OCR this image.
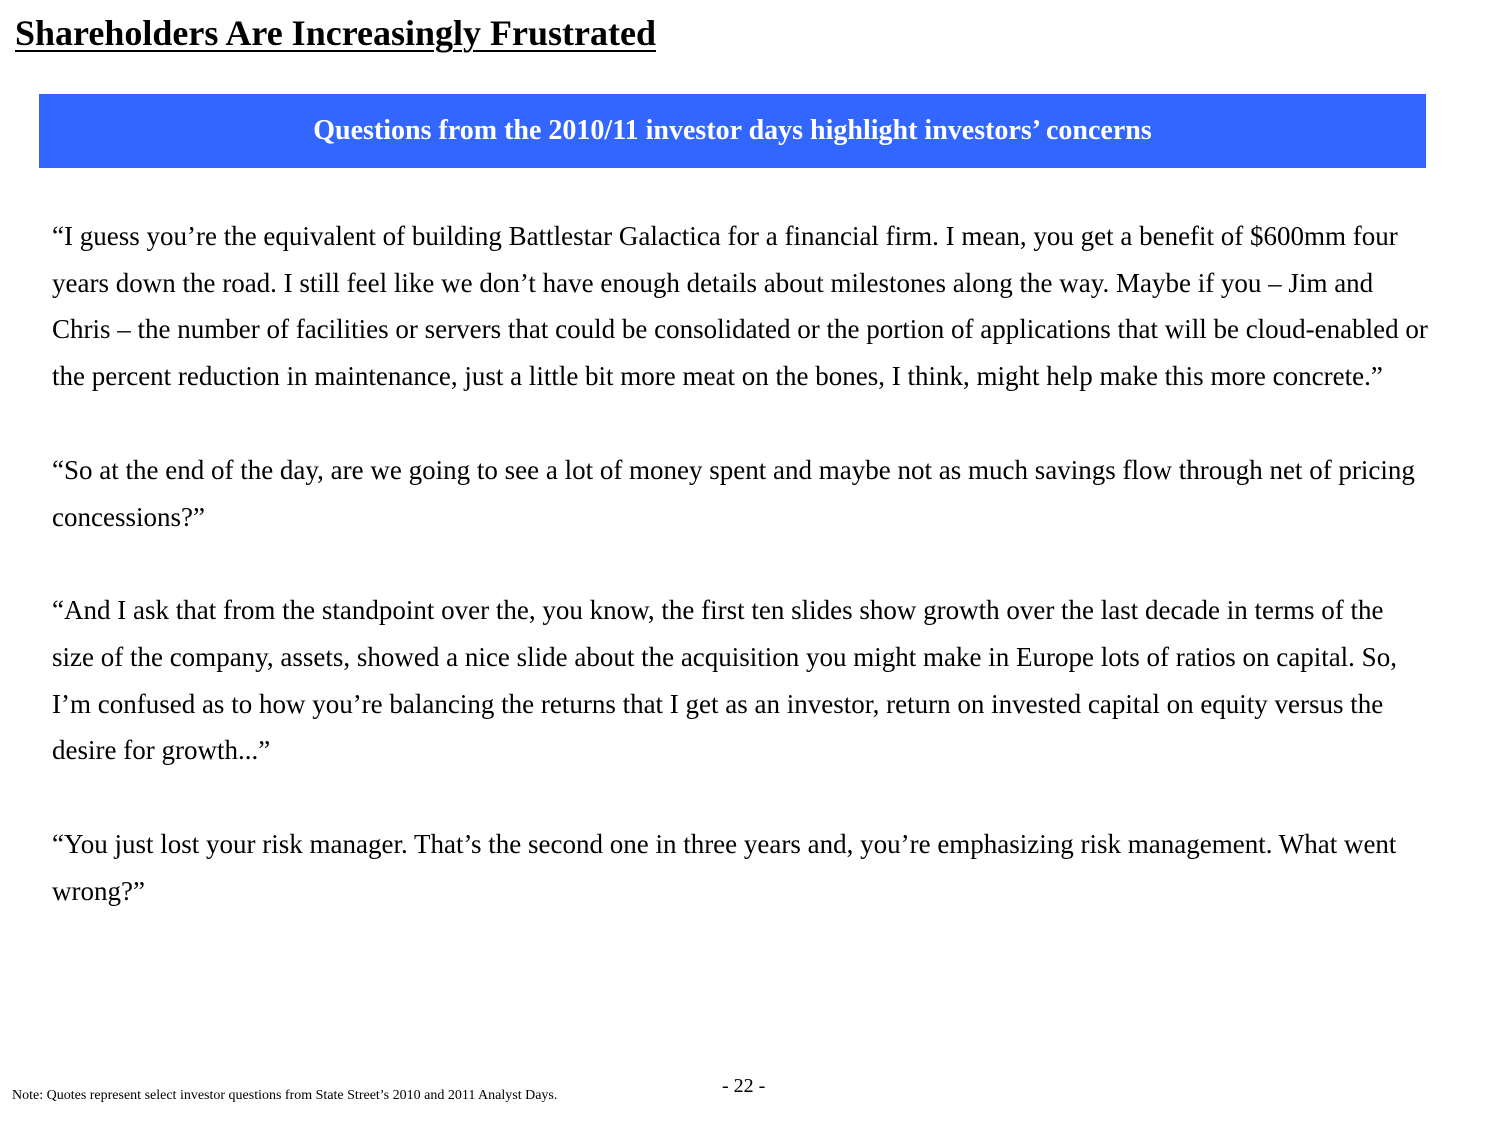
Shareholders Are Increasingly Frustrated
Questions from the 2010/11 investor days highlight investors’ concerns

“I guess you’re the equivalent of building Battlestar Galactica for a financial firm. I mean, you get a benefit of $600mm four years down the road. I still feel like we don’t have enough details about milestones along the way. Maybe if you – Jim and Chris – the number of facilities or servers that could be consolidated or the portion of applications that will be cloud-enabled or the percent reduction in maintenance, just a little bit more meat on the bones, I think, might help make this more concrete.”

“So at the end of the day, are we going to see a lot of money spent and maybe not as much savings flow through net of pricing concessions?”

“And I ask that from the standpoint over the, you know, the first ten slides show growth over the last decade in terms of the size of the company, assets, showed a nice slide about the acquisition you might make in Europe lots of ratios on capital. So, I’m confused as to how you’re balancing the returns that I get as an investor, return on invested capital on equity versus the desire for growth...”

“You just lost your risk manager. That’s the second one in three years and, you’re emphasizing risk management. What went wrong?”

Note: Quotes represent select investor questions from State Street’s 2010 and 2011 Analyst Days.	- 22 -
